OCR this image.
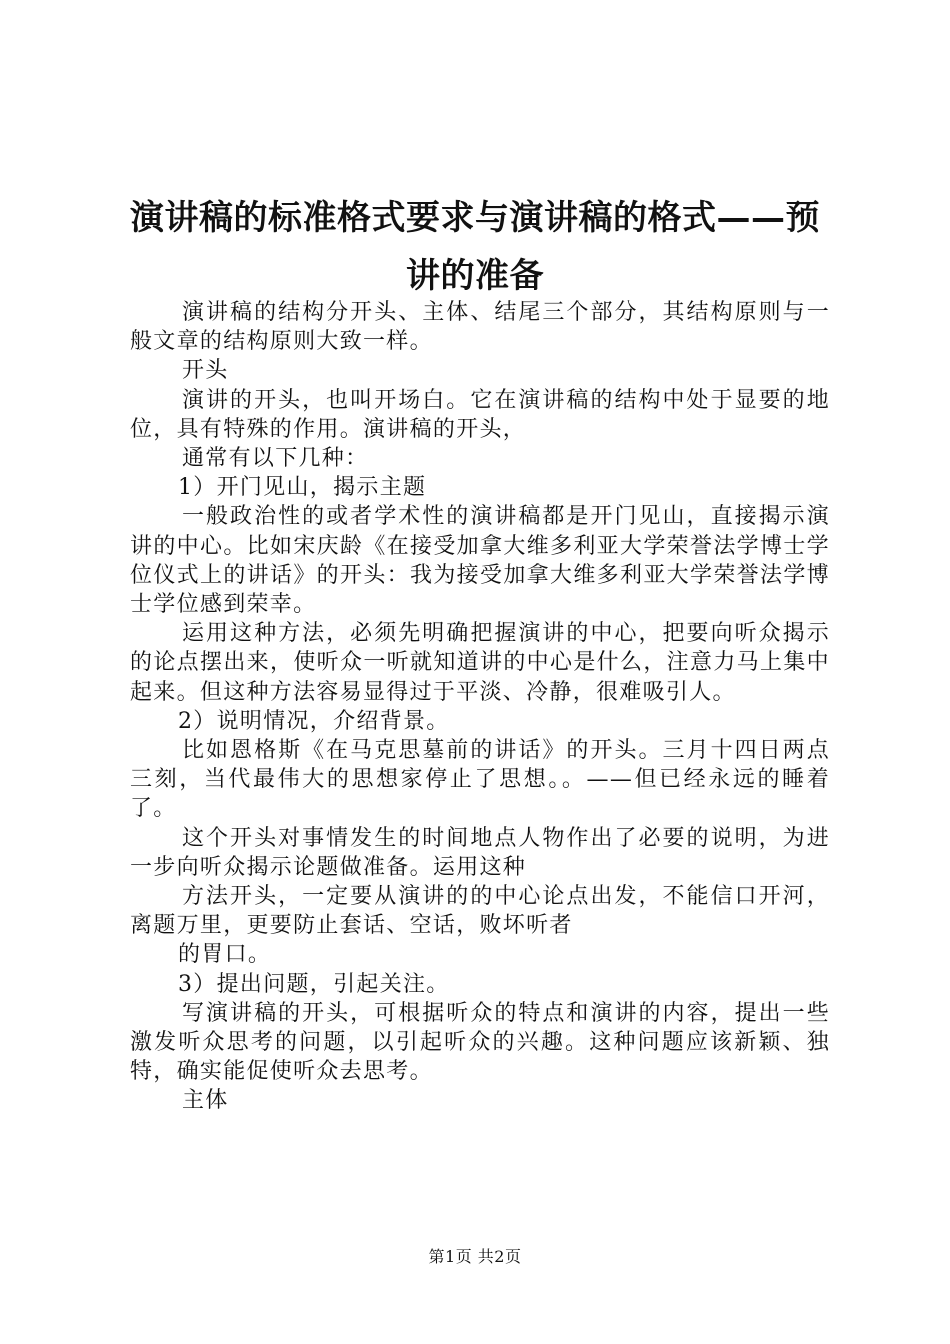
演讲稿的标准格式要求与演讲稿的格式——预
讲的准备

演讲稿的结构分开头、主体、结尾三个部分，其结构原则与一般文章的结构原则大致一样。

开头

演讲的开头，也叫开场白。它在演讲稿的结构中处于显要的地位，具有特殊的作用。演讲稿的开头，

通常有以下几种：

1）开门见山，揭示主题

一般政治性的或者学术性的演讲稿都是开门见山，直接揭示演讲的中心。比如宋庆龄《在接受加拿大维多利亚大学荣誉法学博士学位仪式上的讲话》的开头：我为接受加拿大维多利亚大学荣誉法学博士学位感到荣幸。

运用这种方法，必须先明确把握演讲的中心，把要向听众揭示的论点摆出来，使听众一听就知道讲的中心是什么，注意力马上集中起来。但这种方法容易显得过于平淡、冷静，很难吸引人。

2）说明情况，介绍背景。

比如恩格斯《在马克思墓前的讲话》的开头。三月十四日两点三刻，当代最伟大的思想家停止了思想。。——但已经永远的睡着了。

这个开头对事情发生的时间地点人物作出了必要的说明，为进一步向听众揭示论题做准备。运用这种

方法开头，一定要从演讲的的中心论点出发，不能信口开河，离题万里，更要防止套话、空话，败坏听者

的胃口。

3）提出问题，引起关注。

写演讲稿的开头，可根据听众的特点和演讲的内容，提出一些激发听众思考的问题，以引起听众的兴趣。这种问题应该新颖、独特，确实能促使听众去思考。

主体

第1页 共2页
